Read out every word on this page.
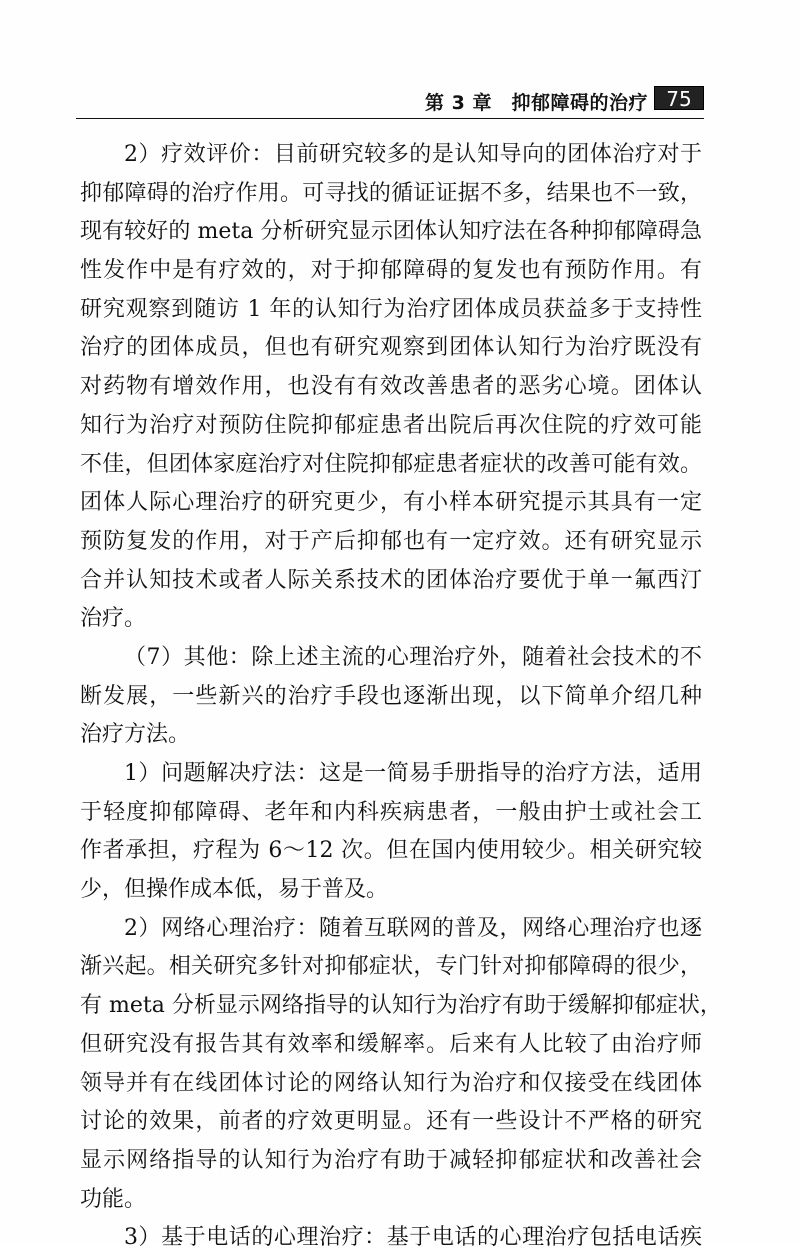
第 3 章　抑郁障碍的治疗 75
2）疗效评价：目前研究较多的是认知导向的团体治疗对于
抑郁障碍的治疗作用。可寻找的循证证据不多，结果也不一致，
现有较好的 meta 分析研究显示团体认知疗法在各种抑郁障碍急
性发作中是有疗效的，对于抑郁障碍的复发也有预防作用。有
研究观察到随访 1 年的认知行为治疗团体成员获益多于支持性
治疗的团体成员，但也有研究观察到团体认知行为治疗既没有
对药物有增效作用，也没有有效改善患者的恶劣心境。团体认
知行为治疗对预防住院抑郁症患者出院后再次住院的疗效可能
不佳，但团体家庭治疗对住院抑郁症患者症状的改善可能有效。
团体人际心理治疗的研究更少，有小样本研究提示其具有一定
预防复发的作用，对于产后抑郁也有一定疗效。还有研究显示
合并认知技术或者人际关系技术的团体治疗要优于单一氟西汀
治疗。
（7）其他：除上述主流的心理治疗外，随着社会技术的不
断发展，一些新兴的治疗手段也逐渐出现，以下简单介绍几种
治疗方法。
1）问题解决疗法：这是一简易手册指导的治疗方法，适用
于轻度抑郁障碍、老年和内科疾病患者，一般由护士或社会工
作者承担，疗程为 6～12 次。但在国内使用较少。相关研究较
少，但操作成本低，易于普及。
2）网络心理治疗：随着互联网的普及，网络心理治疗也逐
渐兴起。相关研究多针对抑郁症状，专门针对抑郁障碍的很少，
有 meta 分析显示网络指导的认知行为治疗有助于缓解抑郁症状，
但研究没有报告其有效率和缓解率。后来有人比较了由治疗师
领导并有在线团体讨论的网络认知行为治疗和仅接受在线团体
讨论的效果，前者的疗效更明显。还有一些设计不严格的研究
显示网络指导的认知行为治疗有助于减轻抑郁症状和改善社会
功能。
3）基于电话的心理治疗：基于电话的心理治疗包括电话疾
